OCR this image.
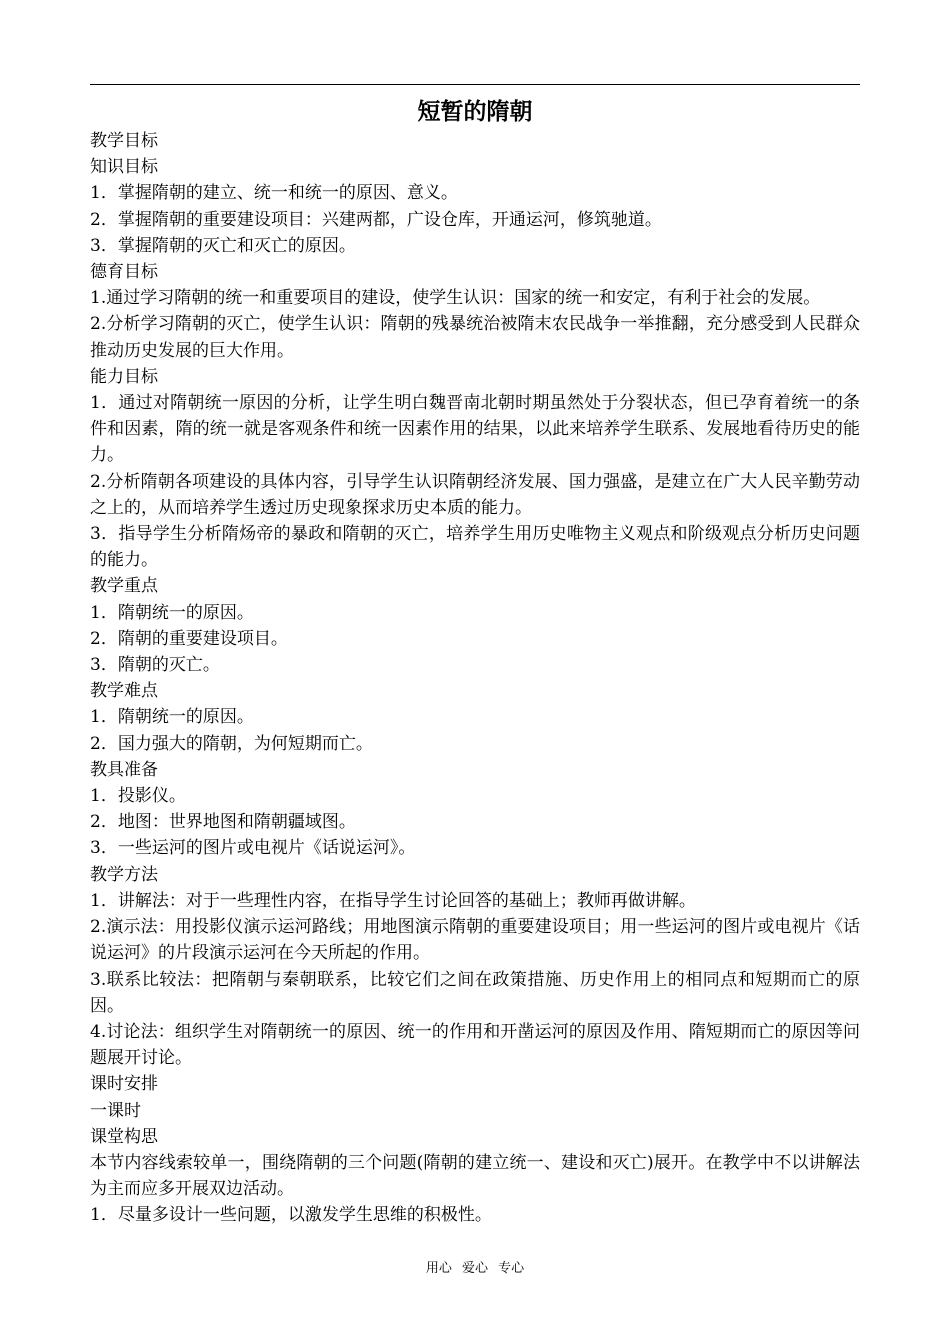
短暂的隋朝
教学目标
知识目标
1．掌握隋朝的建立、统一和统一的原因、意义。
2．掌握隋朝的重要建设项目：兴建两都，广设仓库，开通运河，修筑驰道。
3．掌握隋朝的灭亡和灭亡的原因。
德育目标
1.通过学习隋朝的统一和重要项目的建设，使学生认识：国家的统一和安定，有利于社会的发展。
2.分析学习隋朝的灭亡，使学生认识：隋朝的残暴统治被隋末农民战争一举推翻，充分感受到人民群众推动历史发展的巨大作用。
能力目标
1．通过对隋朝统一原因的分析，让学生明白魏晋南北朝时期虽然处于分裂状态，但已孕育着统一的条件和因素，隋的统一就是客观条件和统一因素作用的结果，以此来培养学生联系、发展地看待历史的能力。
2.分析隋朝各项建设的具体内容，引导学生认识隋朝经济发展、国力强盛，是建立在广大人民辛勤劳动之上的，从而培养学生透过历史现象探求历史本质的能力。
3．指导学生分析隋炀帝的暴政和隋朝的灭亡，培养学生用历史唯物主义观点和阶级观点分析历史问题的能力。
教学重点
1．隋朝统一的原因。
2．隋朝的重要建设项目。
3．隋朝的灭亡。
教学难点
1．隋朝统一的原因。
2．国力强大的隋朝，为何短期而亡。
教具准备
1．投影仪。
2．地图：世界地图和隋朝疆域图。
3．一些运河的图片或电视片《话说运河》。
教学方法
1．讲解法：对于一些理性内容，在指导学生讨论回答的基础上；教师再做讲解。
2.演示法：用投影仪演示运河路线；用地图演示隋朝的重要建设项目；用一些运河的图片或电视片《话说运河》的片段演示运河在今天所起的作用。
3.联系比较法：把隋朝与秦朝联系，比较它们之间在政策措施、历史作用上的相同点和短期而亡的原因。
4.讨论法：组织学生对隋朝统一的原因、统一的作用和开凿运河的原因及作用、隋短期而亡的原因等问题展开讨论。
课时安排
一课时
课堂构思
本节内容线索较单一，围绕隋朝的三个问题(隋朝的建立统一、建设和灭亡)展开。在教学中不以讲解法为主而应多开展双边活动。
1．尽量多设计一些问题，以激发学生思维的积极性。
用心 爱心 专心
